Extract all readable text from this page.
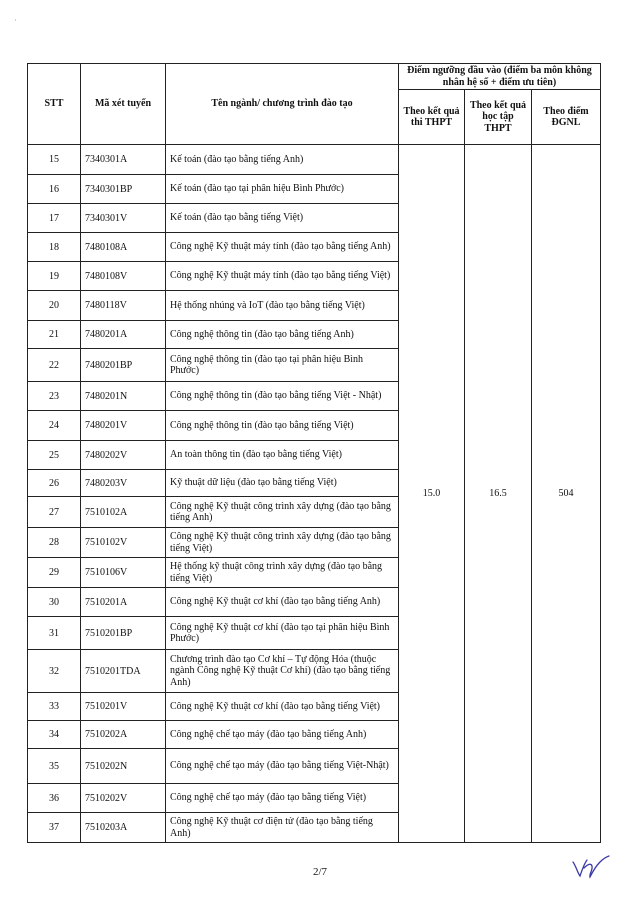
˙
STT	Mã xét tuyển	Tên ngành/ chương trình đào tạo	Điểm ngưỡng đầu vào (điểm ba môn không nhân hệ số + điểm ưu tiên)		
			Theo kết quả thi THPT	Theo kết quả học tập THPT	Theo điểm ĐGNL
15	7340301A	Kế toán (đào tạo bằng tiếng Anh)	15.0	16.5	504
16	7340301BP	Kế toán (đào tạo tại phân hiệu Bình Phước)			
17	7340301V	Kế toán (đào tạo bằng tiếng Việt)			
18	7480108A	Công nghệ Kỹ thuật máy tính (đào tạo bằng tiếng Anh)			
19	7480108V	Công nghệ Kỹ thuật máy tính (đào tạo bằng tiếng Việt)			
20	7480118V	Hệ thống nhúng và IoT (đào tạo bằng tiếng Việt)			
21	7480201A	Công nghệ thông tin (đào tạo bằng tiếng Anh)			
22	7480201BP	Công nghệ thông tin (đào tạo tại phân hiệu Bình Phước)			
23	7480201N	Công nghệ thông tin (đào tạo bằng tiếng Việt - Nhật)			
24	7480201V	Công nghệ thông tin (đào tạo bằng tiếng Việt)			
25	7480202V	An toàn thông tin (đào tạo bằng tiếng Việt)			
26	7480203V	Kỹ thuật dữ liệu (đào tạo bằng tiếng Việt)			
27	7510102A	Công nghệ Kỹ thuật công trình xây dựng (đào tạo bằng tiếng Anh)			
28	7510102V	Công nghệ Kỹ thuật công trình xây dựng (đào tạo bằng tiếng Việt)			
29	7510106V	Hệ thống kỹ thuật công trình xây dựng (đào tạo bằng tiếng Việt)			
30	7510201A	Công nghệ Kỹ thuật cơ khí (đào tạo bằng tiếng Anh)			
31	7510201BP	Công nghệ Kỹ thuật cơ khí (đào tạo tại phân hiệu Bình Phước)			
32	7510201TDA	Chương trình đào tạo Cơ khí – Tự động Hóa (thuộc ngành Công nghệ Kỹ thuật Cơ khí) (đào tạo bằng tiếng Anh)			
33	7510201V	Công nghệ Kỹ thuật cơ khí (đào tạo bằng tiếng Việt)			
34	7510202A	Công nghệ chế tạo máy (đào tạo bằng tiếng Anh)			
35	7510202N	Công nghệ chế tạo máy (đào tạo bằng tiếng Việt-Nhật)			
36	7510202V	Công nghệ chế tạo máy (đào tạo bằng tiếng Việt)			
37	7510203A	Công nghệ Kỹ thuật cơ điện tử (đào tạo bằng tiếng Anh)			
2/7
